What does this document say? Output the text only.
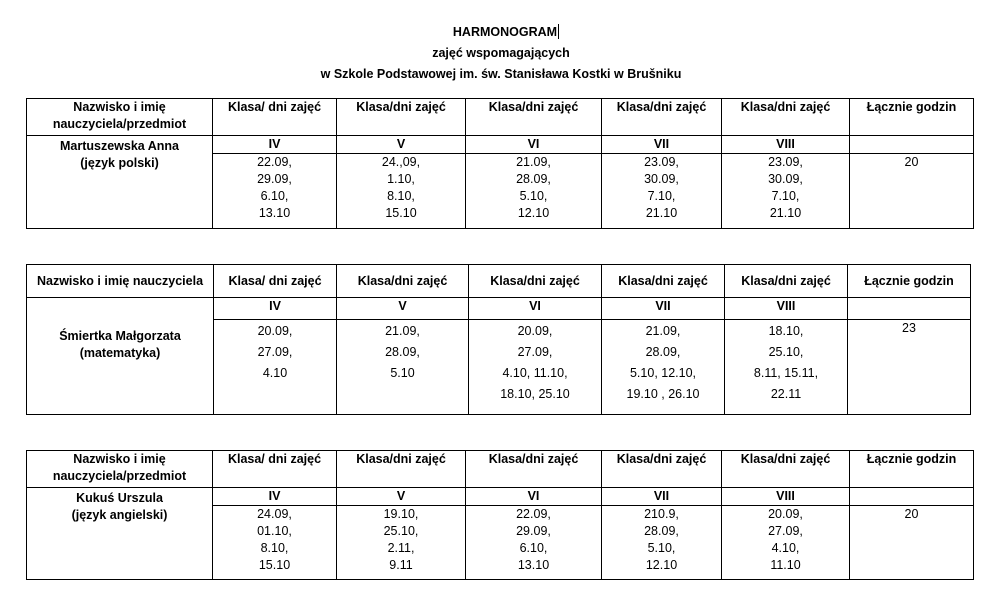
HARMONOGRAM
zajęć wspomagających
w Szkole Podstawowej im. św. Stanisława Kostki w Brušniku
Nazwisko i imię
nauczyciela/przedmiot	Klasa/ dni zajęć	Klasa/dni zajęć	Klasa/dni zajęć	Klasa/dni zajęć	Klasa/dni zajęć	Łącznie godzin
Martuszewska Anna
(język polski)	IV	V	VI	VII	VIII	
	22.09,
29.09,
6.10,
13.10	24.,09,
1.10,
8.10,
15.10	21.09,
28.09,
5.10,
12.10	23.09,
30.09,
7.10,
21.10	23.09,
30.09,
7.10,
21.10	20
Nazwisko i imię nauczyciela	Klasa/ dni zajęć	Klasa/dni zajęć	Klasa/dni zajęć	Klasa/dni zajęć	Klasa/dni zajęć	Łącznie godzin
Śmiertka Małgorzata
(matematyka)	IV	V	VI	VII	VIII	
	20.09,
27.09,
4.10	21.09,
28.09,
5.10	20.09,
27.09,
4.10, 11.10,
18.10, 25.10	21.09,
28.09,
5.10, 12.10,
19.10 , 26.10	18.10,
25.10,
8.11, 15.11,
22.11	23
Nazwisko i imię
nauczyciela/przedmiot	Klasa/ dni zajęć	Klasa/dni zajęć	Klasa/dni zajęć	Klasa/dni zajęć	Klasa/dni zajęć	Łącznie godzin
Kukuś Urszula
(język angielski)	IV	V	VI	VII	VIII	
	24.09,
01.10,
8.10,
15.10	19.10,
25.10,
2.11,
9.11	22.09,
29.09,
6.10,
13.10	210.9,
28.09,
5.10,
12.10	20.09,
27.09,
4.10,
11.10	20
